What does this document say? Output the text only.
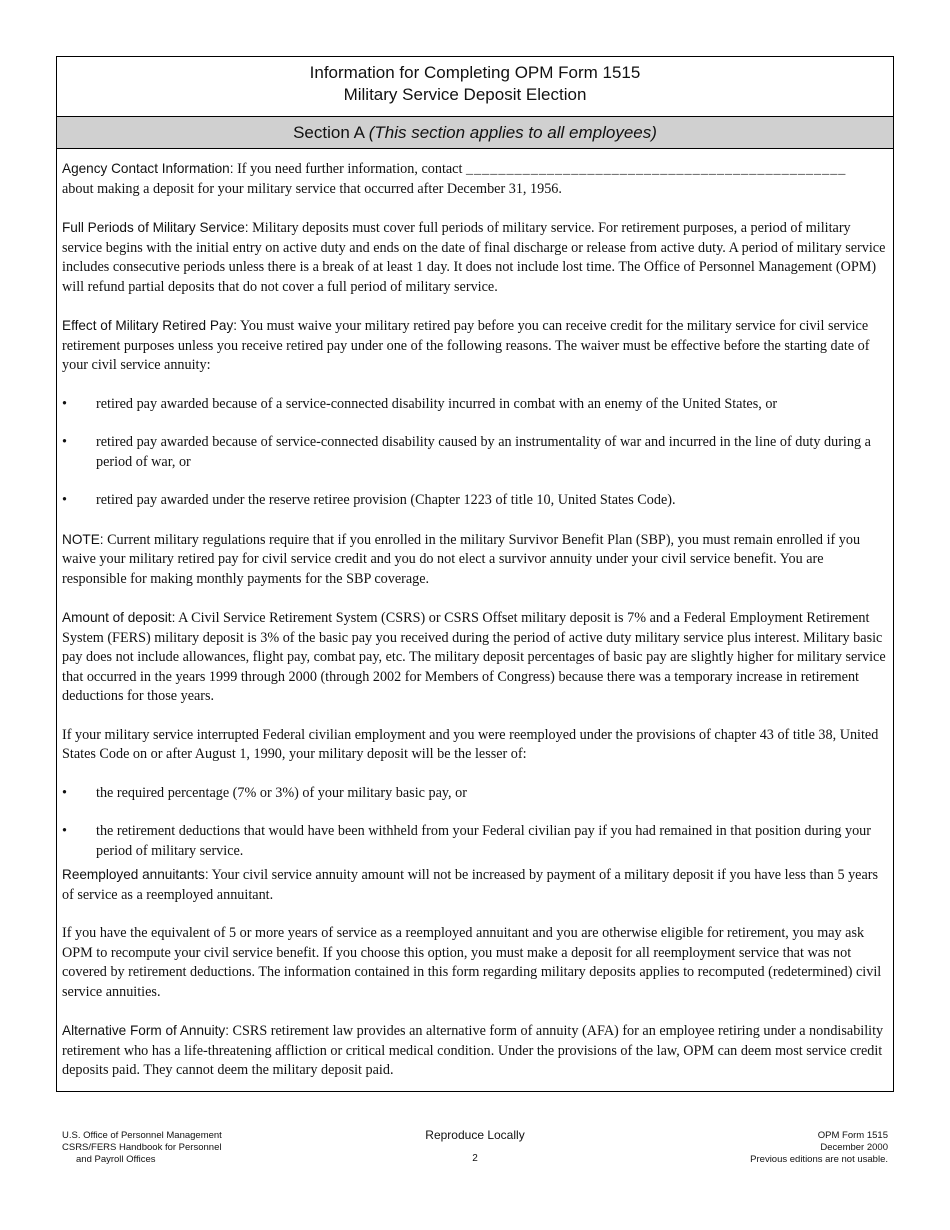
Information for Completing OPM Form 1515
Military Service Deposit Election
Section A (This section applies to all employees)

Agency Contact Information: If you need further information, contact _______________________________________________
about making a deposit for your military service that occurred after December 31, 1956.

Full Periods of Military Service: Military deposits must cover full periods of military service. For retirement purposes, a period of military service begins with the initial entry on active duty and ends on the date of final discharge or release from active duty. A period of military service includes consecutive periods unless there is a break of at least 1 day. It does not include lost time. The Office of Personnel Management (OPM) will refund partial deposits that do not cover a full period of military service.

Effect of Military Retired Pay: You must waive your military retired pay before you can receive credit for the military service for civil service retirement purposes unless you receive retired pay under one of the following reasons. The waiver must be effective before the starting date of your civil service annuity:

•	retired pay awarded because of a service-connected disability incurred in combat with an enemy of the United States, or
•	retired pay awarded because of service-connected disability caused by an instrumentality of war and incurred in the line of duty during a period of war, or
•	retired pay awarded under the reserve retiree provision (Chapter 1223 of title 10, United States Code).

NOTE: Current military regulations require that if you enrolled in the military Survivor Benefit Plan (SBP), you must remain enrolled if you waive your military retired pay for civil service credit and you do not elect a survivor annuity under your civil service benefit. You are responsible for making monthly payments for the SBP coverage.

Amount of deposit: A Civil Service Retirement System (CSRS) or CSRS Offset military deposit is 7% and a Federal Employment Retirement System (FERS) military deposit is 3% of the basic pay you received during the period of active duty military service plus interest. Military basic pay does not include allowances, flight pay, combat pay, etc. The military deposit percentages of basic pay are slightly higher for military service that occurred in the years 1999 through 2000 (through 2002 for Members of Congress) because there was a temporary increase in retirement deductions for those years.

If your military service interrupted Federal civilian employment and you were reemployed under the provisions of chapter 43 of title 38, United States Code on or after August 1, 1990, your military deposit will be the lesser of:

•	the required percentage (7% or 3%) of your military basic pay, or
•	the retirement deductions that would have been withheld from your Federal civilian pay if you had remained in that position during your period of military service.

Reemployed annuitants: Your civil service annuity amount will not be increased by payment of a military deposit if you have less than 5 years of service as a reemployed annuitant.

If you have the equivalent of 5 or more years of service as a reemployed annuitant and you are otherwise eligible for retirement, you may ask OPM to recompute your civil service benefit. If you choose this option, you must make a deposit for all reemployment service that was not covered by retirement deductions. The information contained in this form regarding military deposits applies to recomputed (redetermined) civil service annuities.

Alternative Form of Annuity: CSRS retirement law provides an alternative form of annuity (AFA) for an employee retiring under a nondisability retirement who has a life-threatening affliction or critical medical condition. Under the provisions of the law, OPM can deem most service credit deposits paid. They cannot deem the military deposit paid.

U.S. Office of Personnel Management
CSRS/FERS Handbook for Personnel
and Payroll Offices
Reproduce Locally
2
OPM Form 1515
December 2000
Previous editions are not usable.
